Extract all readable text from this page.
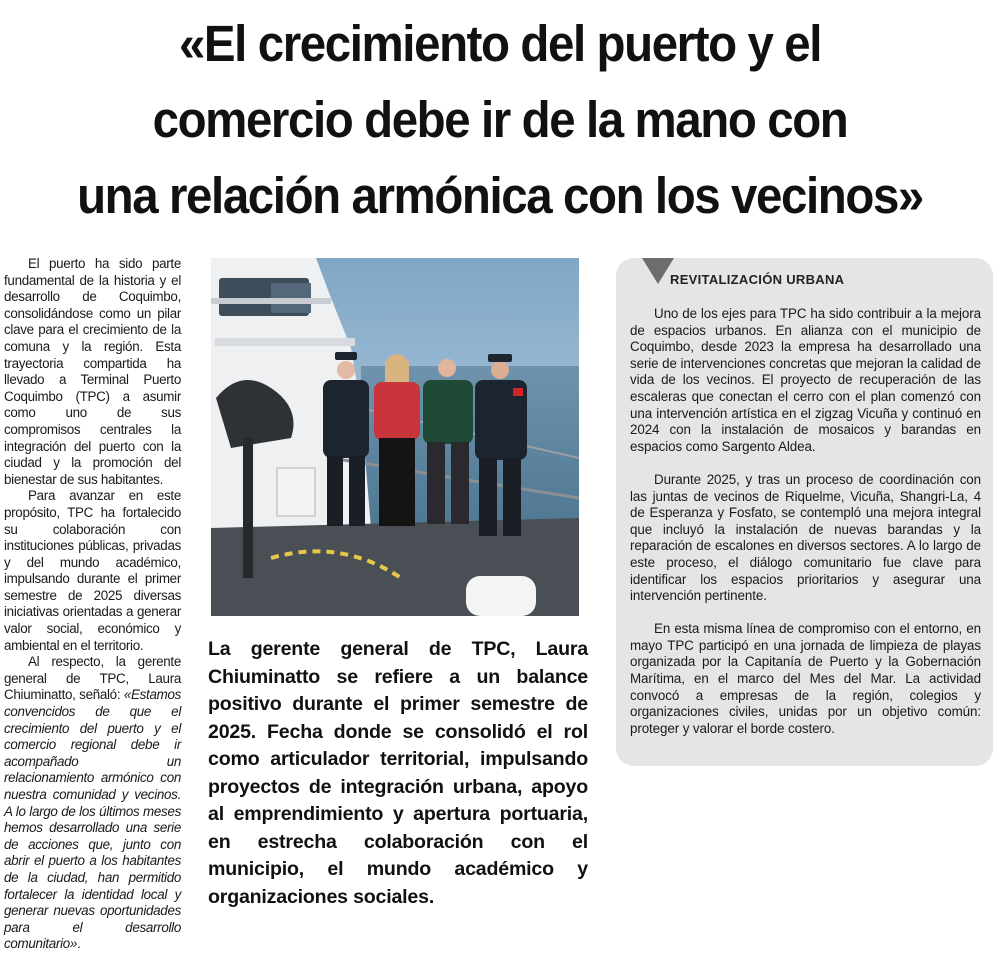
«El crecimiento del puerto y el
comercio debe ir de la mano con
una relación armónica con los vecinos»

El puerto ha sido parte fundamental de la historia y el desarrollo de Coquimbo, consolidándose como un pilar clave para el crecimiento de la comuna y la región. Esta trayectoria compartida ha llevado a Terminal Puerto Coquimbo (TPC) a asumir como uno de sus compromisos centrales la integración del puerto con la ciudad y la promoción del bienestar de sus habitantes.

Para avanzar en este propósito, TPC ha fortalecido su colaboración con instituciones públicas, privadas y del mundo académico, impulsando durante el primer semestre de 2025 diversas iniciativas orientadas a generar valor social, económico y ambiental en el territorio.

Al respecto, la gerente general de TPC, Laura Chiuminatto, señaló: «Estamos convencidos de que el crecimiento del puerto y el comercio regional debe ir acompañado un relacionamiento armónico con nuestra comunidad y vecinos. A lo largo de los últimos meses hemos desarrollado una serie de acciones que, junto con abrir el puerto a los habitantes de la ciudad, han permitido fortalecer la identidad local y generar nuevas oportunidades para el desarrollo comunitario».

La gerente general de TPC, Laura Chiuminatto se refiere a un balance positivo durante el primer semestre de 2025. Fecha donde se consolidó el rol como articulador territorial, impulsando proyectos de integración urbana, apoyo al emprendimiento y apertura portuaria, en estrecha colaboración con el municipio, el mundo académico y organizaciones sociales.
REVITALIZACIÓN URBANA

Uno de los ejes para TPC ha sido contribuir a la mejora de espacios urbanos. En alianza con el municipio de Coquimbo, desde 2023 la empresa ha desarrollado una serie de intervenciones concretas que mejoran la calidad de vida de los vecinos. El proyecto de recuperación de las escaleras que conectan el cerro con el plan comenzó con una intervención artística en el zigzag Vicuña y continuó en 2024 con la instalación de mosaicos y barandas en espacios como Sargento Aldea.

Durante 2025, y tras un proceso de coordinación con las juntas de vecinos de Riquelme, Vicuña, Shangri-La, 4 de Esperanza y Fosfato, se contempló una mejora integral que incluyó la instalación de nuevas barandas y la reparación de escalones en diversos sectores. A lo largo de este proceso, el diálogo comunitario fue clave para identificar los espacios prioritarios y asegurar una intervención pertinente.

En esta misma línea de compromiso con el entorno, en mayo TPC participó en una jornada de limpieza de playas organizada por la Capitanía de Puerto y la Gobernación Marítima, en el marco del Mes del Mar. La actividad convocó a empresas de la región, colegios y organizaciones civiles, unidas por un objetivo común: proteger y valorar el borde costero.
